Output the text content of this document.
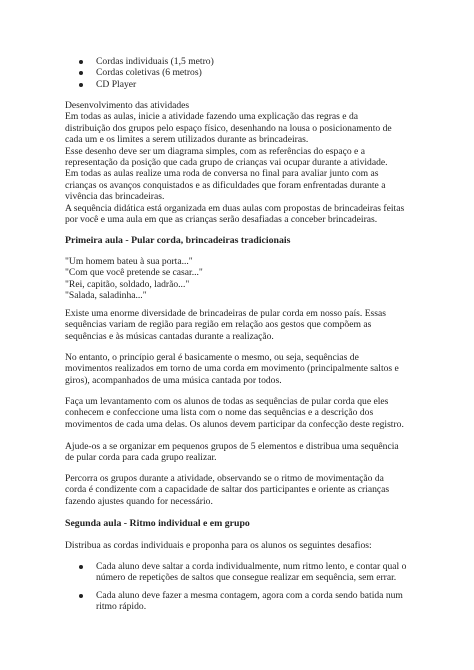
Cordas individuais (1,5 metro)
Cordas coletivas (6 metros)
CD Player
Desenvolvimento das atividades
Em todas as aulas, inicie a atividade fazendo uma explicação das regras e da
distribuição dos grupos pelo espaço físico, desenhando na lousa o posicionamento de
cada um e os limites a serem utilizados durante as brincadeiras.
Esse desenho deve ser um diagrama simples, com as referências do espaço e a
representação da posição que cada grupo de crianças vai ocupar durante a atividade.
Em todas as aulas realize uma roda de conversa no final para avaliar junto com as
crianças os avanços conquistados e as dificuldades que foram enfrentadas durante a
vivência das brincadeiras.
A sequência didática está organizada em duas aulas com propostas de brincadeiras feitas
por você e uma aula em que as crianças serão desafiadas a conceber brincadeiras.
Primeira aula - Pular corda, brincadeiras tradicionais
"Um homem bateu à sua porta..."
"Com que você pretende se casar..."
"Rei, capitão, soldado, ladrão..."
"Salada, saladinha..."
Existe uma enorme diversidade de brincadeiras de pular corda em nosso país. Essas
sequências variam de região para região em relação aos gestos que compõem as
sequências e às músicas cantadas durante a realização.
No entanto, o princípio geral é basicamente o mesmo, ou seja, sequências de
movimentos realizados em torno de uma corda em movimento (principalmente saltos e
giros), acompanhados de uma música cantada por todos.
Faça um levantamento com os alunos de todas as sequências de pular corda que eles
conhecem e confeccione uma lista com o nome das sequências e a descrição dos
movimentos de cada uma delas. Os alunos devem participar da confecção deste registro.
Ajude-os a se organizar em pequenos grupos de 5 elementos e distribua uma sequência
de pular corda para cada grupo realizar.
Percorra os grupos durante a atividade, observando se o ritmo de movimentação da
corda é condizente com a capacidade de saltar dos participantes e oriente as crianças
fazendo ajustes quando for necessário.
Segunda aula - Ritmo individual e em grupo
Distribua as cordas individuais e proponha para os alunos os seguintes desafios:
Cada aluno deve saltar a corda individualmente, num ritmo lento, e contar qual o
número de repetições de saltos que consegue realizar em sequência, sem errar.
Cada aluno deve fazer a mesma contagem, agora com a corda sendo batida num
ritmo rápido.
